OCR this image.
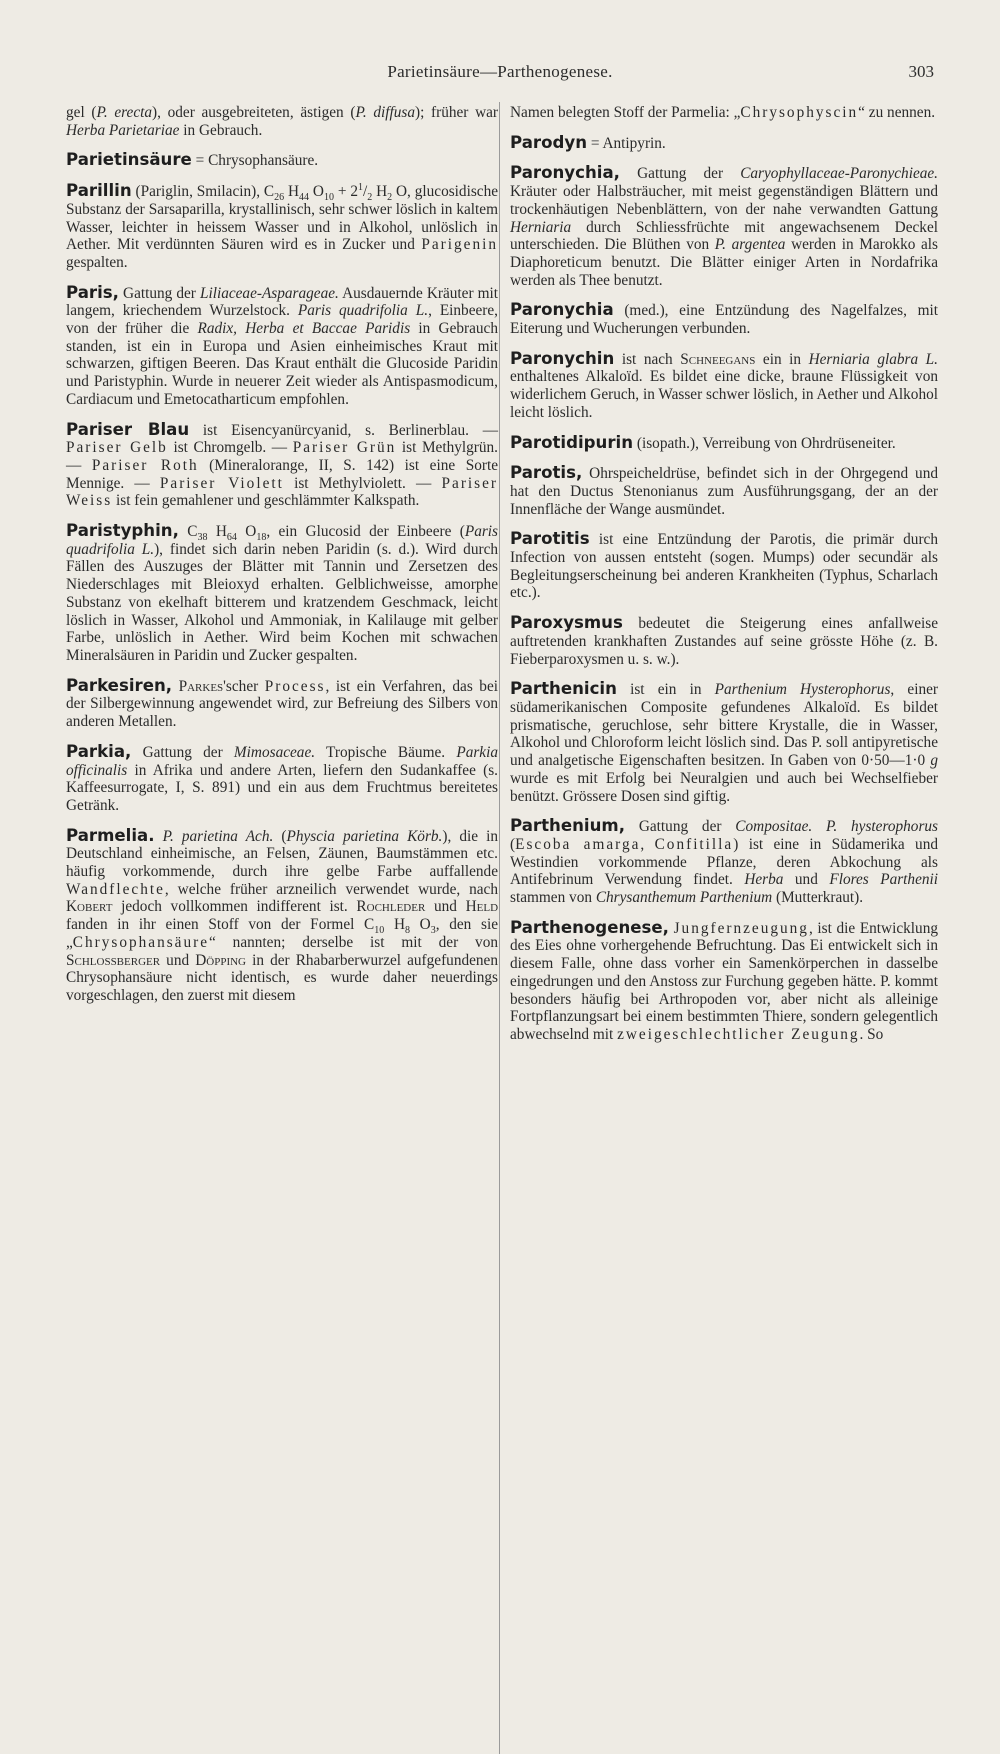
Parietinsäure—Parthenogenese.	303

gel (P. erecta), oder ausgebreiteten, ästigen (P. diffusa); früher war Herba Parietariae in Gebrauch.

Parietinsäure = Chrysophansäure.

Parillin (Pariglin, Smilacin), $C_{26}$ $H_{44}$ $O_{10} + 2^1/_2$ $H_2$ O, glucosidische Substanz der Sarsaparilla, krystallinisch, sehr schwer löslich in kaltem Wasser, leichter in heissem Wasser und in Alkohol, unlöslich in Aether. Mit verdünnten Säuren wird es in Zucker und Parigenin gespalten.

Paris, Gattung der Liliaceae-Asparageae. Ausdauernde Kräuter mit langem, kriechendem Wurzelstock. Paris quadrifolia L., Einbeere, von der früher die Radix, Herba et Baccae Paridis in Gebrauch standen, ist ein in Europa und Asien einheimisches Kraut mit schwarzen, giftigen Beeren. Das Kraut enthält die Glucoside Paridin und Paristyphin. Wurde in neuerer Zeit wieder als Antispasmodicum, Cardiacum und Emetocatharticum empfohlen.

Pariser Blau ist Eisencyanürcyanid, s. Berlinerblau. — Pariser Gelb ist Chromgelb. — Pariser Grün ist Methylgrün. — Pariser Roth (Mineralorange, II, S. 142) ist eine Sorte Mennige. — Pariser Violett ist Methylviolett. — Pariser Weiss ist fein gemahlener und geschlämmter Kalkspath.

Paristyphin, $C_{38}$ $H_{64}$ $O_{18}$, ein Glucosid der Einbeere (Paris quadrifolia L.), findet sich darin neben Paridin (s. d.). Wird durch Fällen des Auszuges der Blätter mit Tannin und Zersetzen des Niederschlages mit Bleioxyd erhalten. Gelblichweisse, amorphe Substanz von ekelhaft bitterem und kratzendem Geschmack, leicht löslich in Wasser, Alkohol und Ammoniak, in Kalilauge mit gelber Farbe, unlöslich in Aether. Wird beim Kochen mit schwachen Mineralsäuren in Paridin und Zucker gespalten.

Parkesiren, Parkes'scher Process, ist ein Verfahren, das bei der Silbergewinnung angewendet wird, zur Befreiung des Silbers von anderen Metallen.

Parkia, Gattung der Mimosaceae. Tropische Bäume. Parkia officinalis in Afrika und andere Arten, liefern den Sudankaffee (s. Kaffeesurrogate, I, S. 891) und ein aus dem Fruchtmus bereitetes Getränk.

Parmelia. P. parietina Ach. (Physcia parietina Körb.), die in Deutschland einheimische, an Felsen, Zäunen, Baumstämmen etc. häufig vorkommende, durch ihre gelbe Farbe auffallende Wandflechte, welche früher arzneilich verwendet wurde, nach Kobert jedoch vollkommen indifferent ist. Rochleder und Held fanden in ihr einen Stoff von der Formel $C_{10}$ $H_8$ $O_3$, den sie „Chrysophansäure“ nannten; derselbe ist mit der von Schlossberger und Döpping in der Rhabarberwurzel aufgefundenen Chrysophansäure nicht identisch, es wurde daher neuerdings vorgeschlagen, den zuerst mit diesem

Namen belegten Stoff der Parmelia: „Chrysophyscin“ zu nennen.

Parodyn = Antipyrin.

Paronychia, Gattung der Caryophyllaceae-Paronychieae. Kräuter oder Halbsträucher, mit meist gegenständigen Blättern und trockenhäutigen Nebenblättern, von der nahe verwandten Gattung Herniaria durch Schliessfrüchte mit angewachsenem Deckel unterschieden. Die Blüthen von P. argentea werden in Marokko als Diaphoreticum benutzt. Die Blätter einiger Arten in Nordafrika werden als Thee benutzt.

Paronychia (med.), eine Entzündung des Nagelfalzes, mit Eiterung und Wucherungen verbunden.

Paronychin ist nach Schneegans ein in Herniaria glabra L. enthaltenes Alkaloïd. Es bildet eine dicke, braune Flüssigkeit von widerlichem Geruch, in Wasser schwer löslich, in Aether und Alkohol leicht löslich.

Parotidipurin (isopath.), Verreibung von Ohrdrüseneiter.

Parotis, Ohrspeicheldrüse, befindet sich in der Ohrgegend und hat den Ductus Stenonianus zum Ausführungsgang, der an der Innenfläche der Wange ausmündet.

Parotitis ist eine Entzündung der Parotis, die primär durch Infection von aussen entsteht (sogen. Mumps) oder secundär als Begleitungserscheinung bei anderen Krankheiten (Typhus, Scharlach etc.).

Paroxysmus bedeutet die Steigerung eines anfallweise auftretenden krankhaften Zustandes auf seine grösste Höhe (z. B. Fieberparoxysmen u. s. w.).

Parthenicin ist ein in Parthenium Hysterophorus, einer südamerikanischen Composite gefundenes Alkaloïd. Es bildet prismatische, geruchlose, sehr bittere Krystalle, die in Wasser, Alkohol und Chloroform leicht löslich sind. Das P. soll antipyretische und analgetische Eigenschaften besitzen. In Gaben von 0·50—1·0 g wurde es mit Erfolg bei Neuralgien und auch bei Wechselfieber benützt. Grössere Dosen sind giftig.

Parthenium, Gattung der Compositae. P. hysterophorus (Escoba amarga, Confitilla) ist eine in Südamerika und Westindien vorkommende Pflanze, deren Abkochung als Antifebrinum Verwendung findet. Herba und Flores Parthenii stammen von Chrysanthemum Parthenium (Mutterkraut).

Parthenogenese, Jungfernzeugung, ist die Entwicklung des Eies ohne vorhergehende Befruchtung. Das Ei entwickelt sich in diesem Falle, ohne dass vorher ein Samenkörperchen in dasselbe eingedrungen und den Anstoss zur Furchung gegeben hätte. P. kommt besonders häufig bei Arthropoden vor, aber nicht als alleinige Fortpflanzungsart bei einem bestimmten Thiere, sondern gelegentlich abwechselnd mit zweigeschlechtlicher Zeugung. So
